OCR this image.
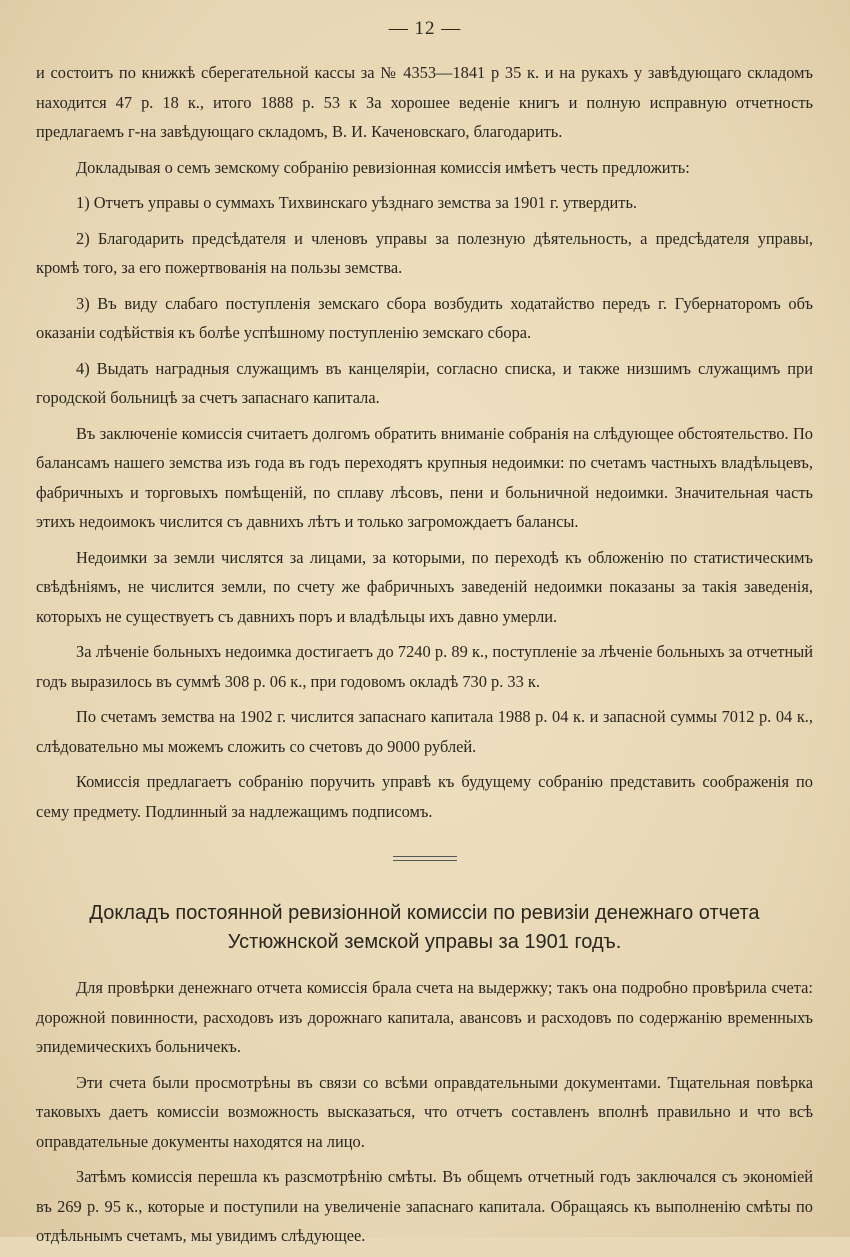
— 12 —

и состоитъ по книжкѣ сберегательной кассы за № 4353—1841 р 35 к. и на рукахъ у завѣдующаго складомъ находится 47 р. 18 к., итого 1888 р. 53 к За хорошее веденіе книгъ и полную исправную отчетность предлагаемъ г-на завѣдующаго складомъ, В. И. Каченовскаго, благодарить.

Докладывая о семъ земскому собранію ревизіонная комиссія имѣетъ честь предложить:

1) Отчетъ управы о суммахъ Тихвинскаго уѣзднаго земства за 1901 г. утвердить.

2) Благодарить предсѣдателя и членовъ управы за полезную дѣятельность, а предсѣдателя управы, кромѣ того, за его пожертвованія на пользы земства.

3) Въ виду слабаго поступленія земскаго сбора возбудить ходатайство передъ г. Губернаторомъ объ оказаніи содѣйствія къ болѣе успѣшному поступленію земскаго сбора.

4) Выдать наградныя служащимъ въ канцеляріи, согласно списка, и также низшимъ служащимъ при городской больницѣ за счетъ запаснаго капитала.

Въ заключеніе комиссія считаетъ долгомъ обратить вниманіе собранія на слѣдующее обстоятельство. По балансамъ нашего земства изъ года въ годъ переходятъ крупныя недоимки: по счетамъ частныхъ владѣльцевъ, фабричныхъ и торговыхъ помѣщеній, по сплаву лѣсовъ, пени и больничной недоимки. Значительная часть этихъ недоимокъ числится съ давнихъ лѣтъ и только загромождаетъ балансы.

Недоимки за земли числятся за лицами, за которыми, по переходѣ къ обложенію по статистическимъ свѣдѣніямъ, не числится земли, по счету же фабричныхъ заведеній недоимки показаны за такія заведенія, которыхъ не существуетъ съ давнихъ поръ и владѣльцы ихъ давно умерли.

За лѣченіе больныхъ недоимка достигаетъ до 7240 р. 89 к., поступленіе за лѣченіе больныхъ за отчетный годъ выразилось въ суммѣ 308 р. 06 к., при годовомъ окладѣ 730 р. 33 к.

По счетамъ земства на 1902 г. числится запаснаго капитала 1988 р. 04 к. и запасной суммы 7012 р. 04 к., слѣдовательно мы можемъ сложить со счетовъ до 9000 рублей.

Комиссія предлагаетъ собранію поручить управѣ къ будущему собранію представить соображенія по сему предмету. Подлинный за надлежащимъ подписомъ.

Докладъ постоянной ревизіонной комиссіи по ревизіи денежнаго отчета Устюжнской земской управы за 1901 годъ.

Для провѣрки денежнаго отчета комиссія брала счета на выдержку; такъ она подробно провѣрила счета: дорожной повинности, расходовъ изъ дорожнаго капитала, авансовъ и расходовъ по содержанію временныхъ эпидемическихъ больничекъ.

Эти счета были просмотрѣны въ связи со всѣми оправдательными документами. Тщательная повѣрка таковыхъ даетъ комиссіи возможность высказаться, что отчетъ составленъ вполнѣ правильно и что всѣ оправдательные документы находятся на лицо.

Затѣмъ комиссія перешла къ разсмотрѣнію смѣты. Въ общемъ отчетный годъ заключался съ экономіей въ 269 р. 95 к., которые и поступили на увеличеніе запаснаго капитала. Обращаясь къ выполненію смѣты по отдѣльнымъ счетамъ, мы увидимъ слѣдующее.
